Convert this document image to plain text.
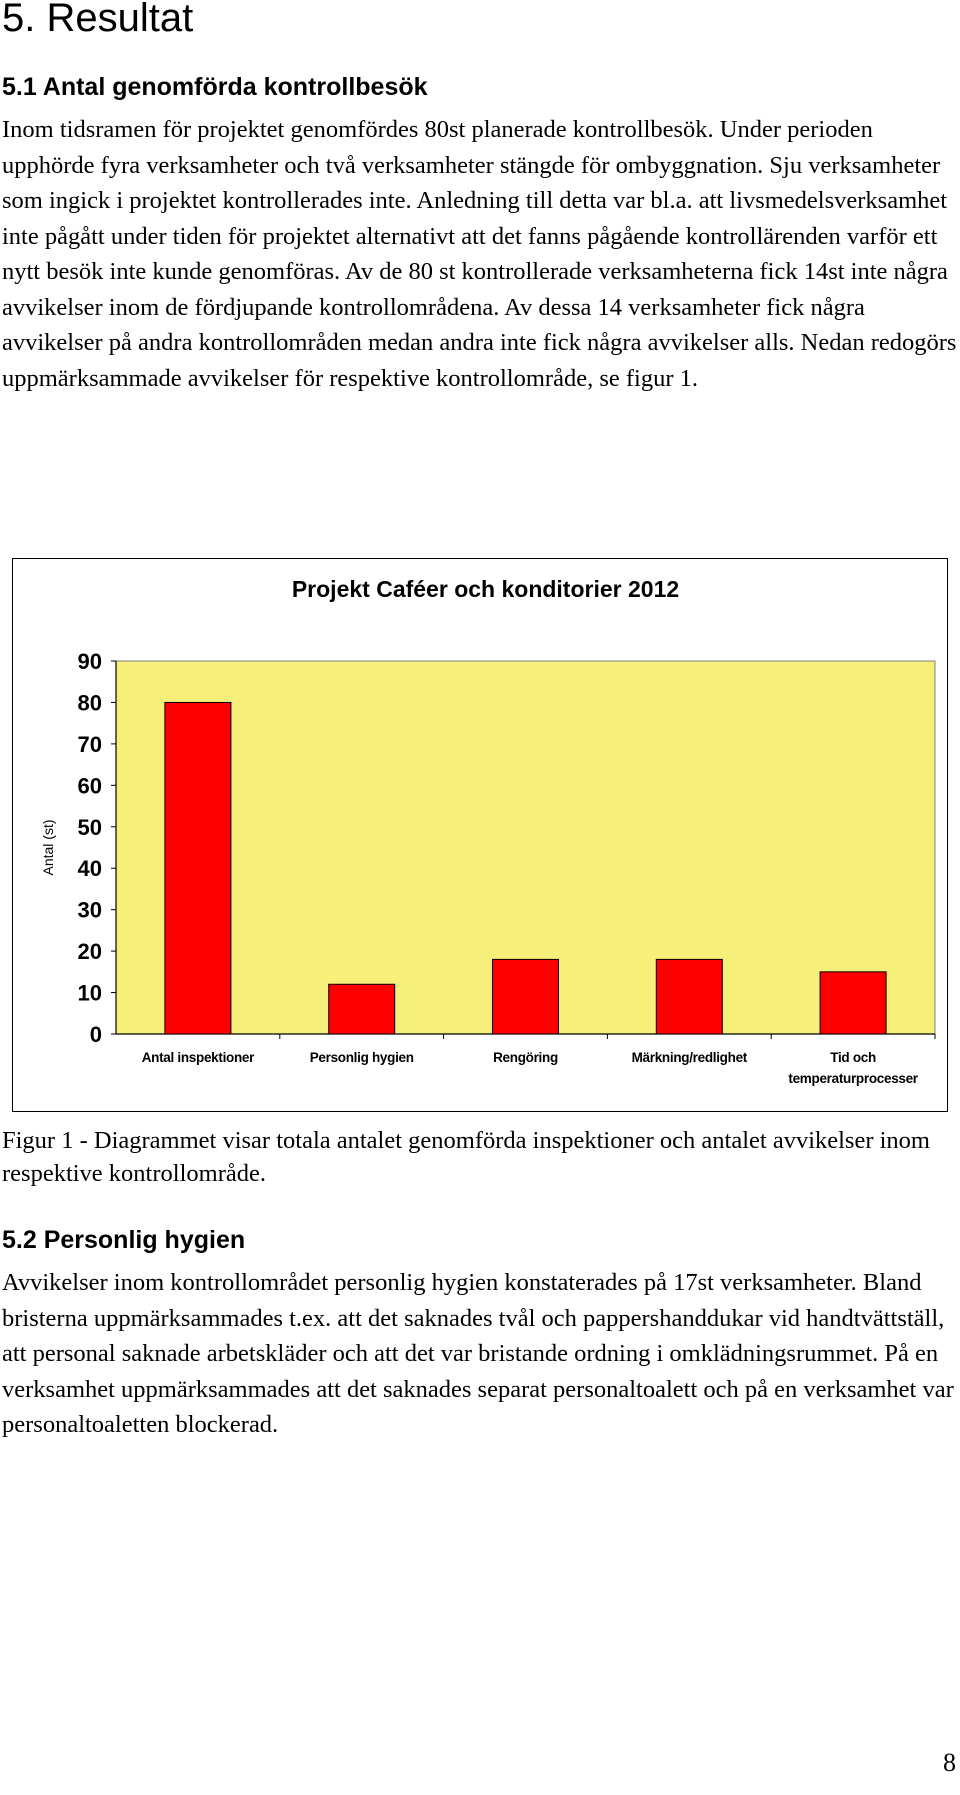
5. Resultat
5.1 Antal genomförda kontrollbesök

Inom tidsramen för projektet genomfördes 80st planerade kontrollbesök. Under perioden upphörde fyra verksamheter och två verksamheter stängde för ombyggnation. Sju verksamheter som ingick i projektet kontrollerades inte. Anledning till detta var bl.a. att livsmedelsverksamhet inte pågått under tiden för projektet alternativt att det fanns pågående kontrollärenden varför ett nytt besök inte kunde genomföras. Av de 80 st kontrollerade verksamheterna fick 14st inte några avvikelser inom de fördjupande kontrollområdena. Av dessa 14 verksamheter fick några avvikelser på andra kontrollområden medan andra inte fick några avvikelser alls. Nedan redogörs uppmärksammade avvikelser för respektive kontrollområde, se figur 1.

Projekt Caféer och konditorier 2012
0
10
20
30
40
50
60
70
80
90
Antal (st)
Antal inspektioner	Personlig hygien	Rengöring	Märkning/redlighet	Tid och
temperaturprocesser

Figur 1 - Diagrammet visar totala antalet genomförda inspektioner och antalet avvikelser inom respektive kontrollområde.

5.2 Personlig hygien

Avvikelser inom kontrollområdet personlig hygien konstaterades på 17st verksamheter. Bland bristerna uppmärksammades t.ex. att det saknades tvål och pappershanddukar vid handtvättställ, att personal saknade arbetskläder och att det var bristande ordning i omklädningsrummet. På en verksamhet uppmärksammades att det saknades separat personaltoalett och på en verksamhet var personaltoaletten blockerad.

8
